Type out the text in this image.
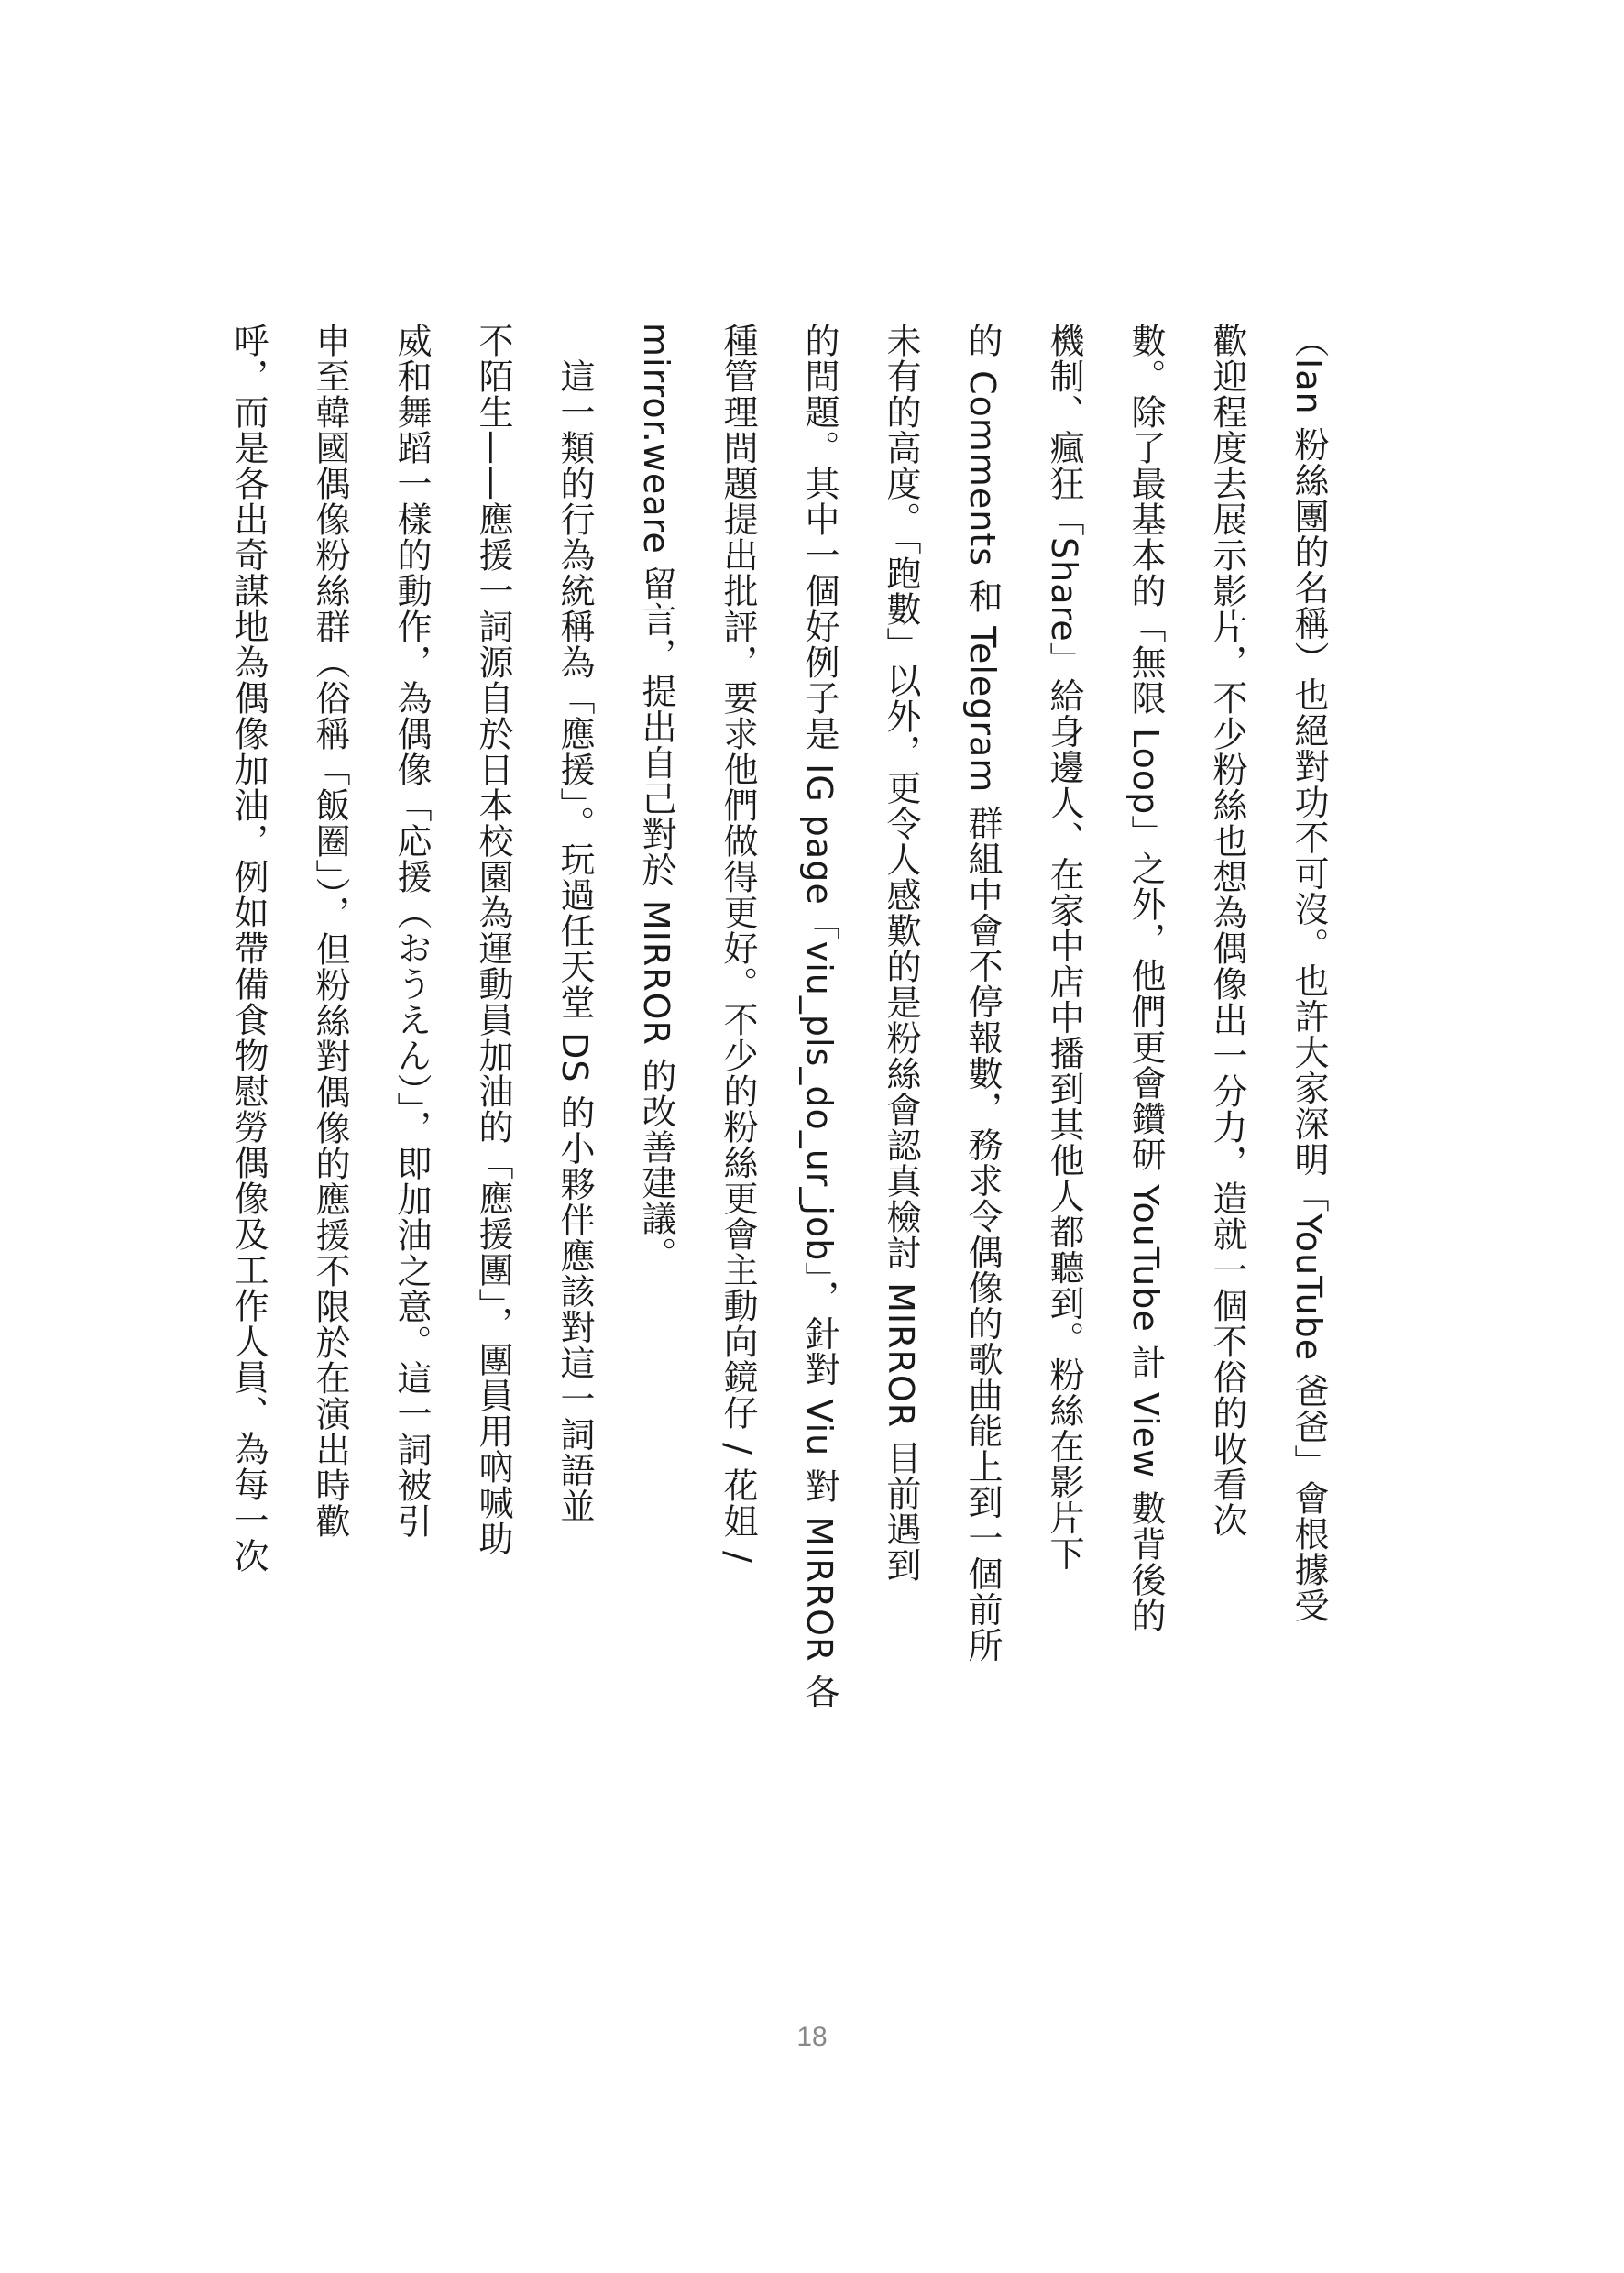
（Ian 粉絲團的名稱）也絕對功不可沒。也許大家深明「YouTube 爸爸」會根據受

歡迎程度去展示影片，不少粉絲也想為偶像出一分力，造就一個不俗的收看次

數。除了最基本的「無限 Loop」之外，他們更會鑽研 YouTube 計 View 數背後的

機制、瘋狂「Share」給身邊人、在家中店中播到其他人都聽到。粉絲在影片下

的 Comments 和 Telegram 群組中會不停報數，務求令偶像的歌曲能上到一個前所

未有的高度。「跑數」以外，更令人感歎的是粉絲會認真檢討 MIRROR 目前遇到

的問題。其中一個好例子是 IG page「viu_pls_do_ur_job」，針對 Viu 對 MIRROR 各

種管理問題提出批評，要求他們做得更好。不少的粉絲更會主動向鏡仔 / 花姐 /

mirror.weare 留言，提出自己對於 MIRROR 的改善建議。

　這一類的行為統稱為「應援」。玩過任天堂 DS 的小夥伴應該對這一詞語並

不陌生——應援一詞源自於日本校園為運動員加油的「應援團」，團員用吶喊助

威和舞蹈一樣的動作，為偶像「応援（おうえん）」，即加油之意。這一詞被引

申至韓國偶像粉絲群（俗稱「飯圈」），但粉絲對偶像的應援不限於在演出時歡

呼，而是各出奇謀地為偶像加油，例如帶備食物慰勞偶像及工作人員、為每一次

18
